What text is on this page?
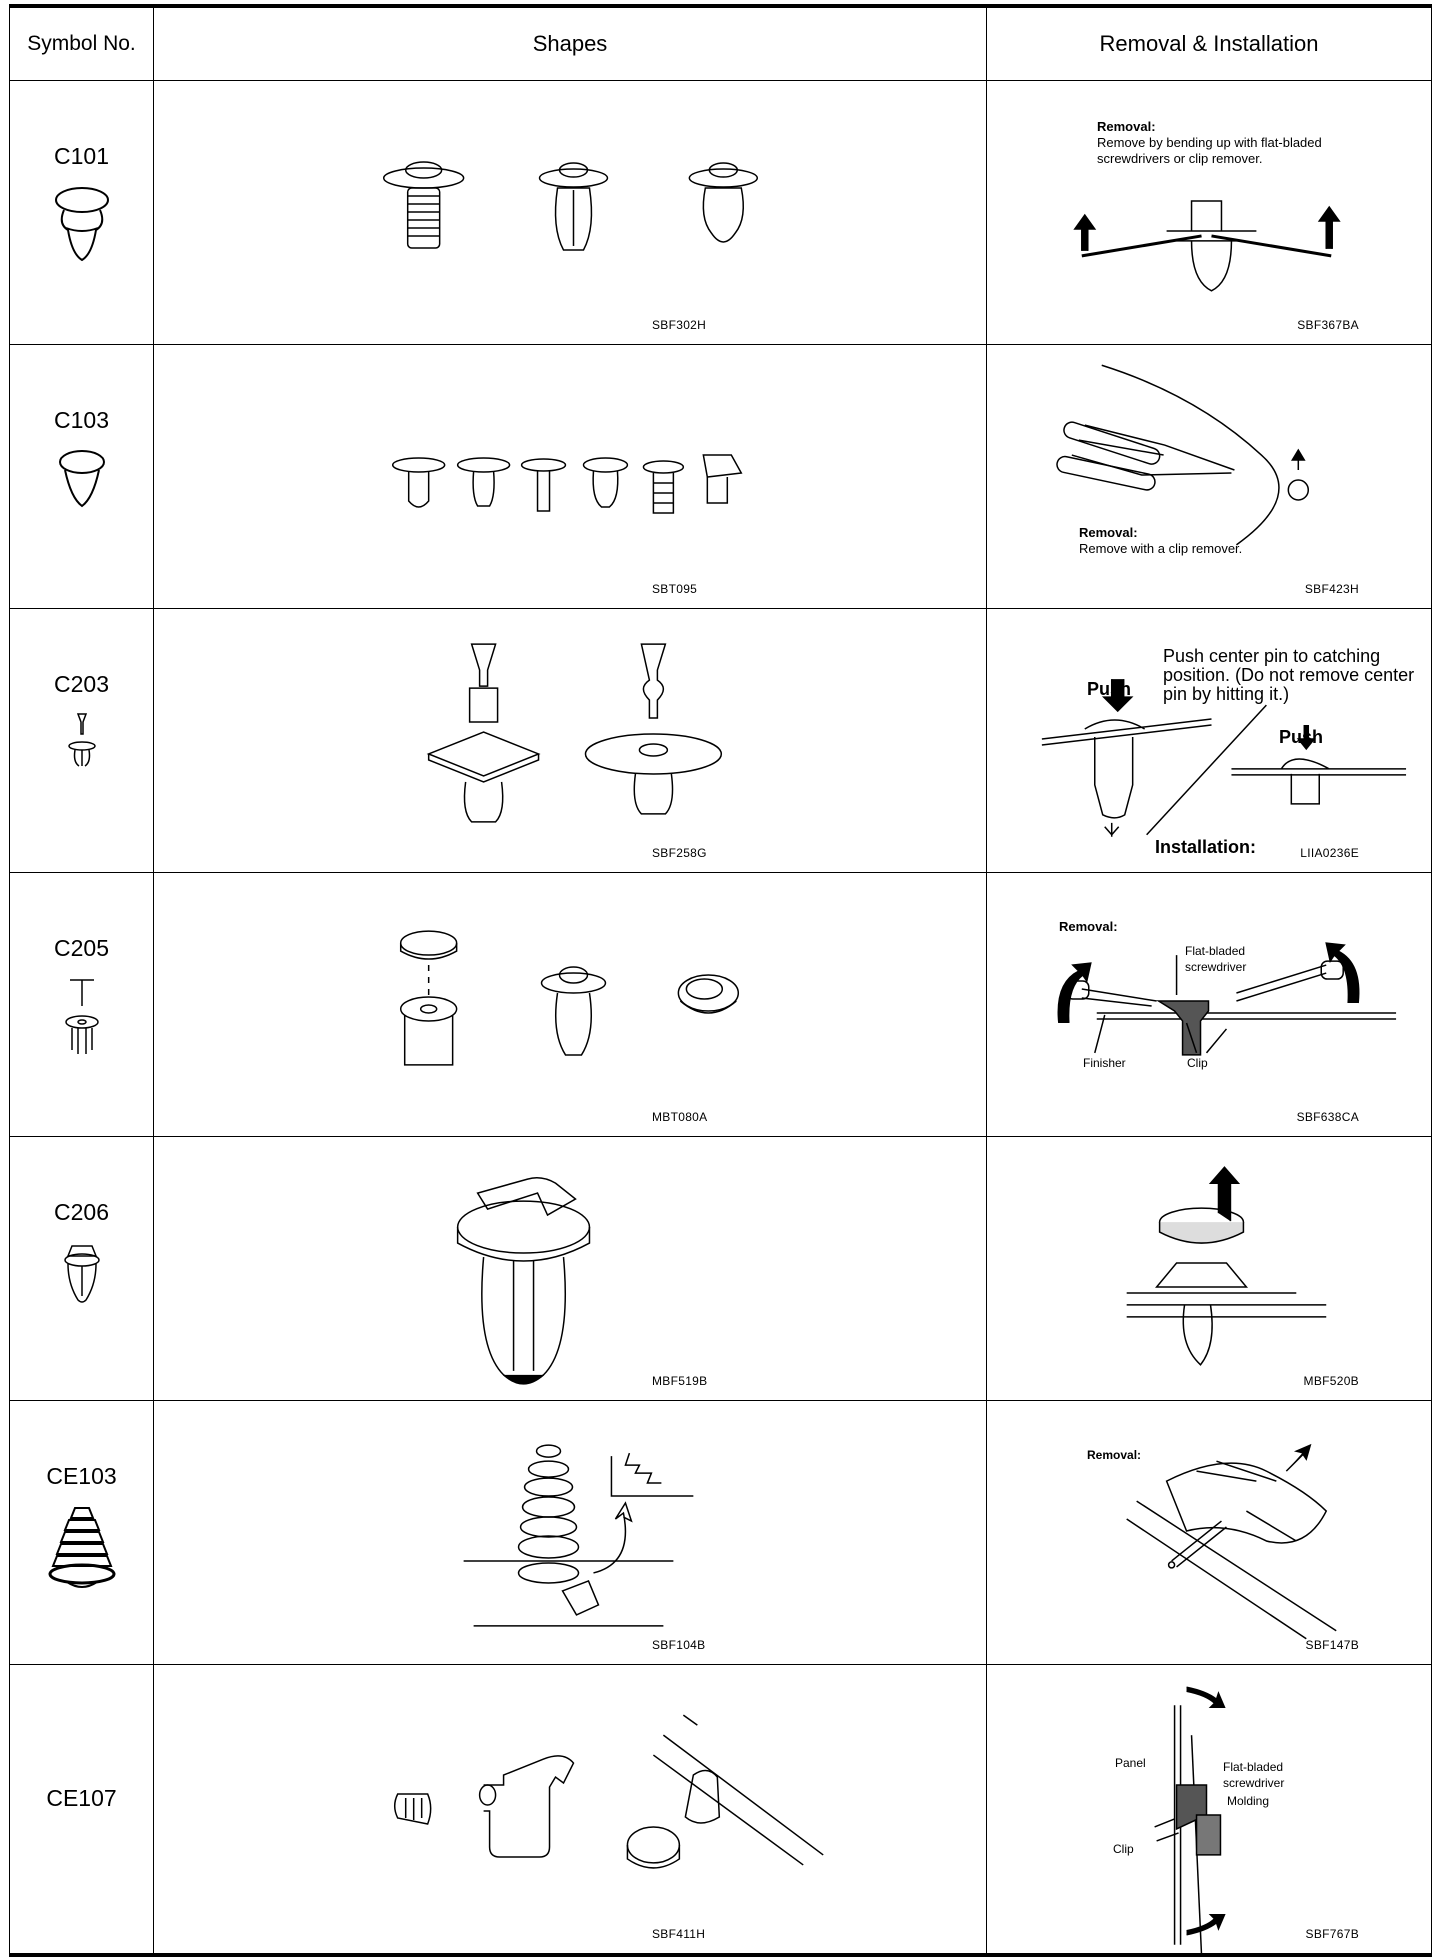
Symbol No.	Shapes	Removal & Installation

C101	SBF302H	Removal:
Remove by bending up with flat-bladed screwdrivers or clip remover.
SBF367BA

C103	SBT095	Removal:
Remove with a clip remover.
SBF423H

C203	SBF258G	Push center pin to catching position. (Do not remove center pin by hitting it.)
Push
Push
Installation: LIIA0236E

C205	MBT080A	Removal:
Flat-bladed screwdriver
Finisher Clip
SBF638CA

C206	MBF519B	MBF520B

CE103	SBF104B	Removal:
SBF147B

CE107	SBF411H	Panel Flat-bladed screwdriver
Molding
Clip
SBF767B
